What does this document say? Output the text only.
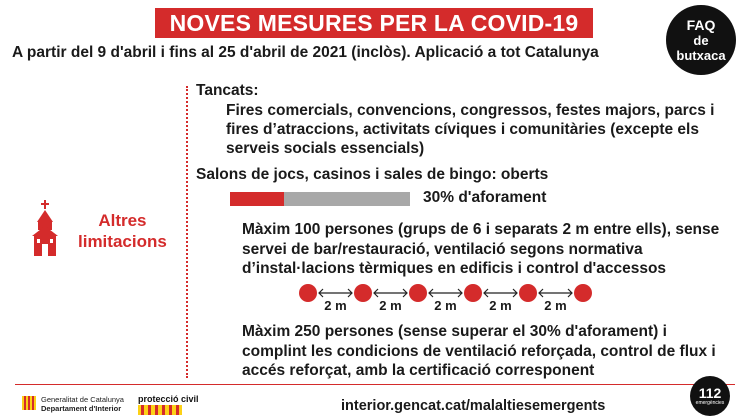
NOVES MESURES PER LA COVID-19	FAQ
de
butxaca
A partir del 9 d'abril i fins al 25 d'abril de 2021 (inclòs). Aplicació a tot Catalunya
Altres
limitacions
Tancats:
Fires comercials, convencions, congressos, festes majors, parcs i fires d’atraccions, activitats cíviques i comunitàries (excepte els serveis socials essencials)
Salons de jocs, casinos i sales de bingo: oberts
30% d'aforament
Màxim 100 persones (grups de 6 i separats 2 m entre ells), sense servei de bar/restauració, ventilació segons normativa d’instal·lacions tèrmiques en edificis i control d'accessos
2 m	2 m	2 m	2 m	2 m
Màxim 250 persones (sense superar el 30% d'aforament) i complint les condicions de ventilació reforçada, control de flux i accés reforçat, amb la certificació corresponent
Generalitat de Catalunya
Departament d'Interior
protecció civil	interior.gencat.cat/malaltiesemergents
112
emergències
